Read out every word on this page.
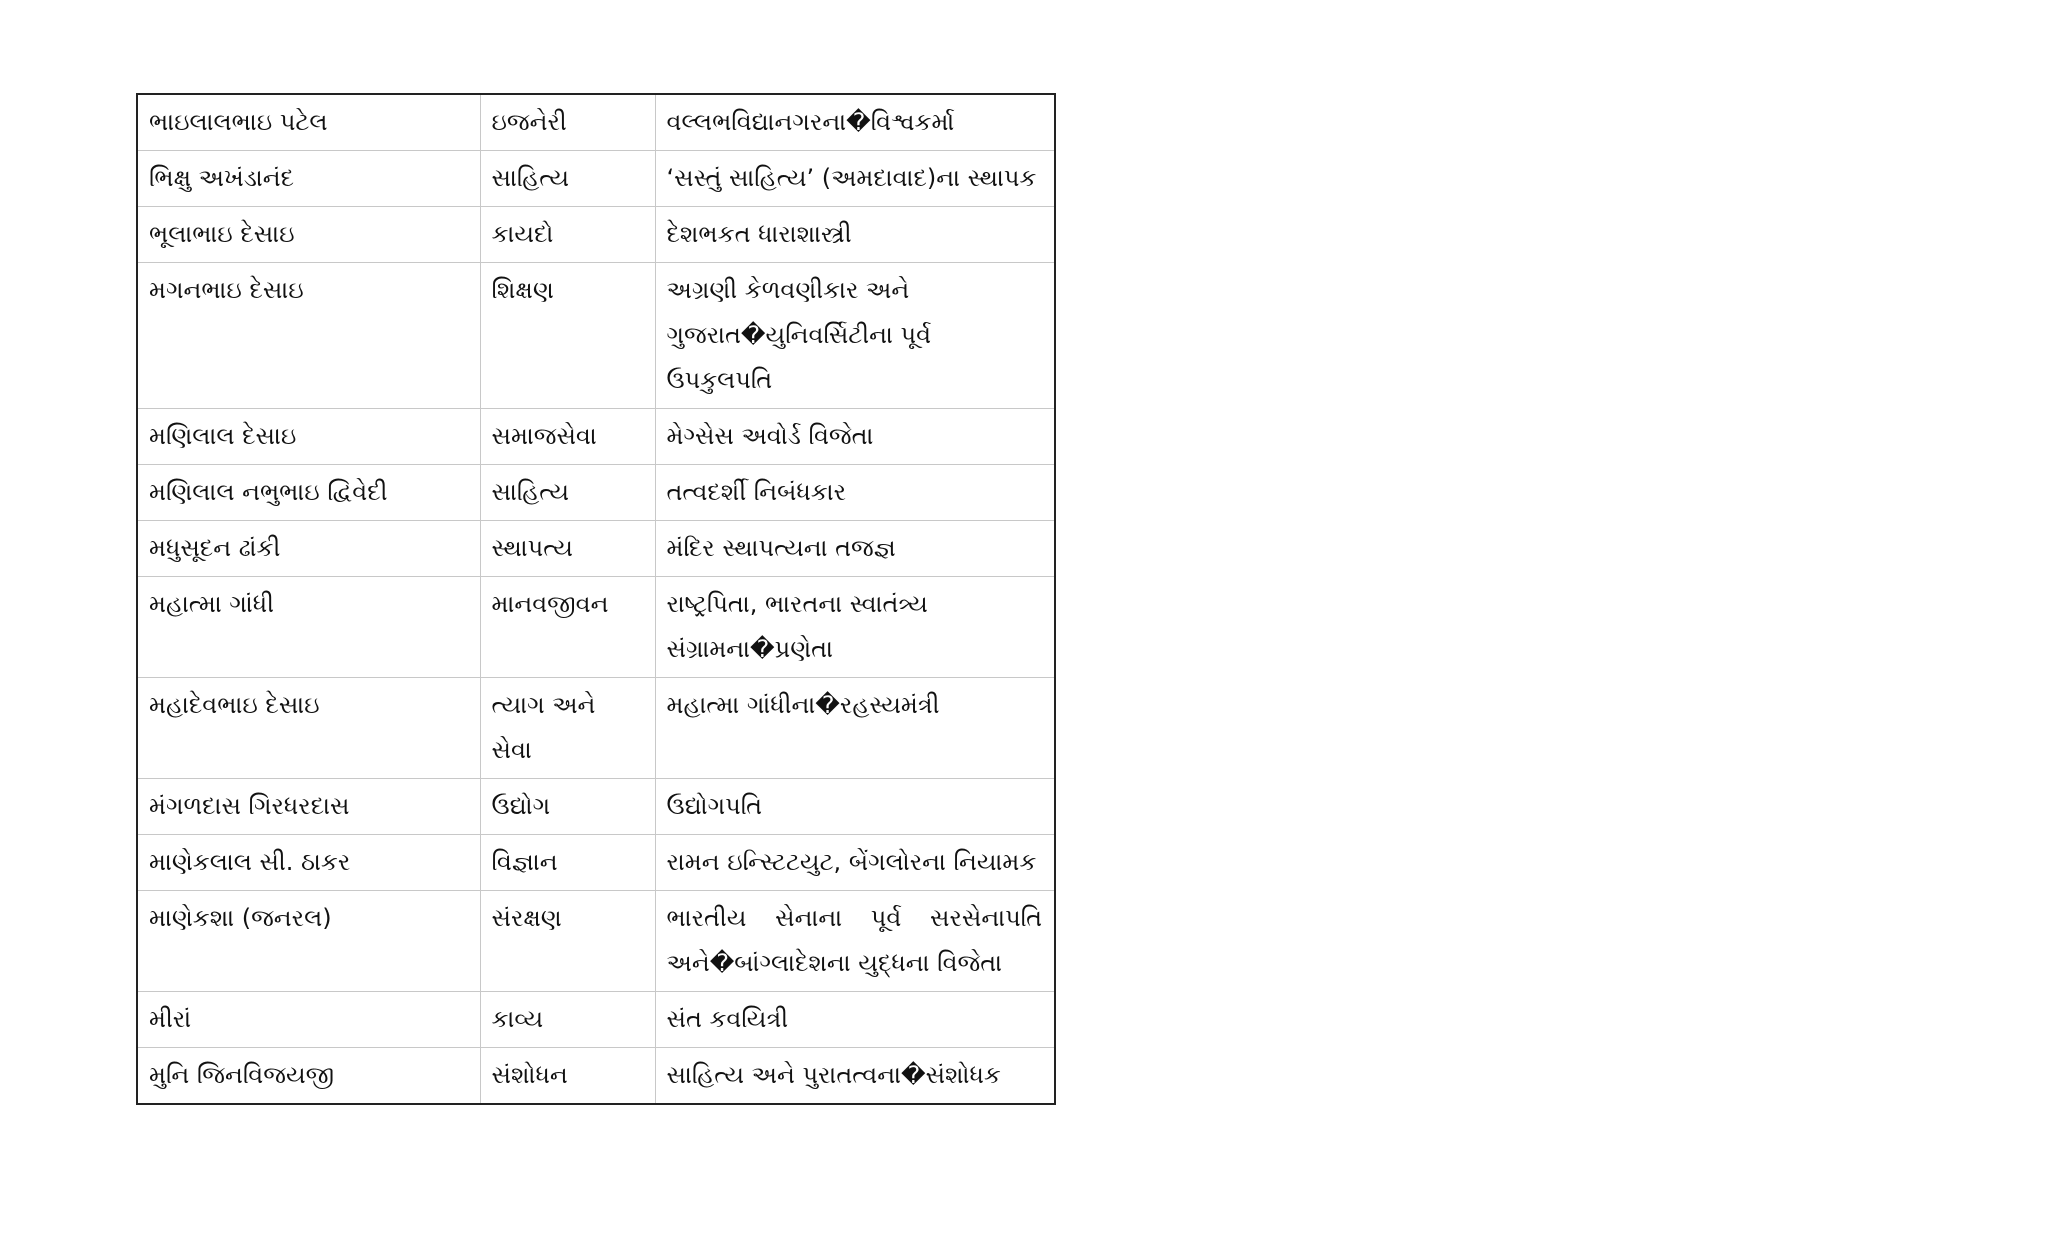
ભાઇલાલભાઇ પટેલ	ઇજનેરી	વલ્લભવિદ્યાનગરના�વિશ્વકર્મા
ભિક્ષુ અખંડાનંદ	સાહિત્ય	‘સસ્તું સાહિત્ય’ (અમદાવાદ)ના સ્થાપક
ભૂલાભાઇ દેસાઇ	કાયદો	દેશભકત ધારાશાસ્ત્રી
મગનભાઇ દેસાઇ	શિક્ષણ	અગ્રણી કેળવણીકાર અને ગુજરાત�યુનિવર્સિટીના પૂર્વ ઉપકુલપતિ
મણિલાલ દેસાઇ	સમાજસેવા	મેગ્સેસ અવોર્ડ વિજેતા
મણિલાલ નભુભાઇ દ્વિવેદી	સાહિત્ય	તત્વદર્શી નિબંધકાર
મધુસૂદન ઢાંકી	સ્થાપત્ય	મંદિર સ્થાપત્યના તજજ્ઞ
મહાત્મા ગાંધી	માનવજીવન	રાષ્ટ્રપિતા, ભારતના સ્વાતંત્ર્ય સંગ્રામના�પ્રણેતા
મહાદેવભાઇ દેસાઇ	ત્યાગ અને સેવા	મહાત્મા ગાંધીના�રહસ્યમંત્રી
મંગળદાસ ગિરધરદાસ	ઉદ્યોગ	ઉદ્યોગપતિ
માણેકલાલ સી. ઠાકર	વિજ્ઞાન	રામન ઇન્સ્ટિટયુટ, બેંગલોરના નિયામક
માણેકશા (જનરલ)	સંરક્ષણ	ભારતીય સેનાના પૂર્વ સરસેનાપતિ અને�બાંગ્લાદેશના યુદ્ધના વિજેતા
મીરાં	કાવ્ય	સંત કવયિત્રી
મુનિ જિનવિજયજી	સંશોધન	સાહિત્ય અને પુરાતત્વના�સંશોધક
